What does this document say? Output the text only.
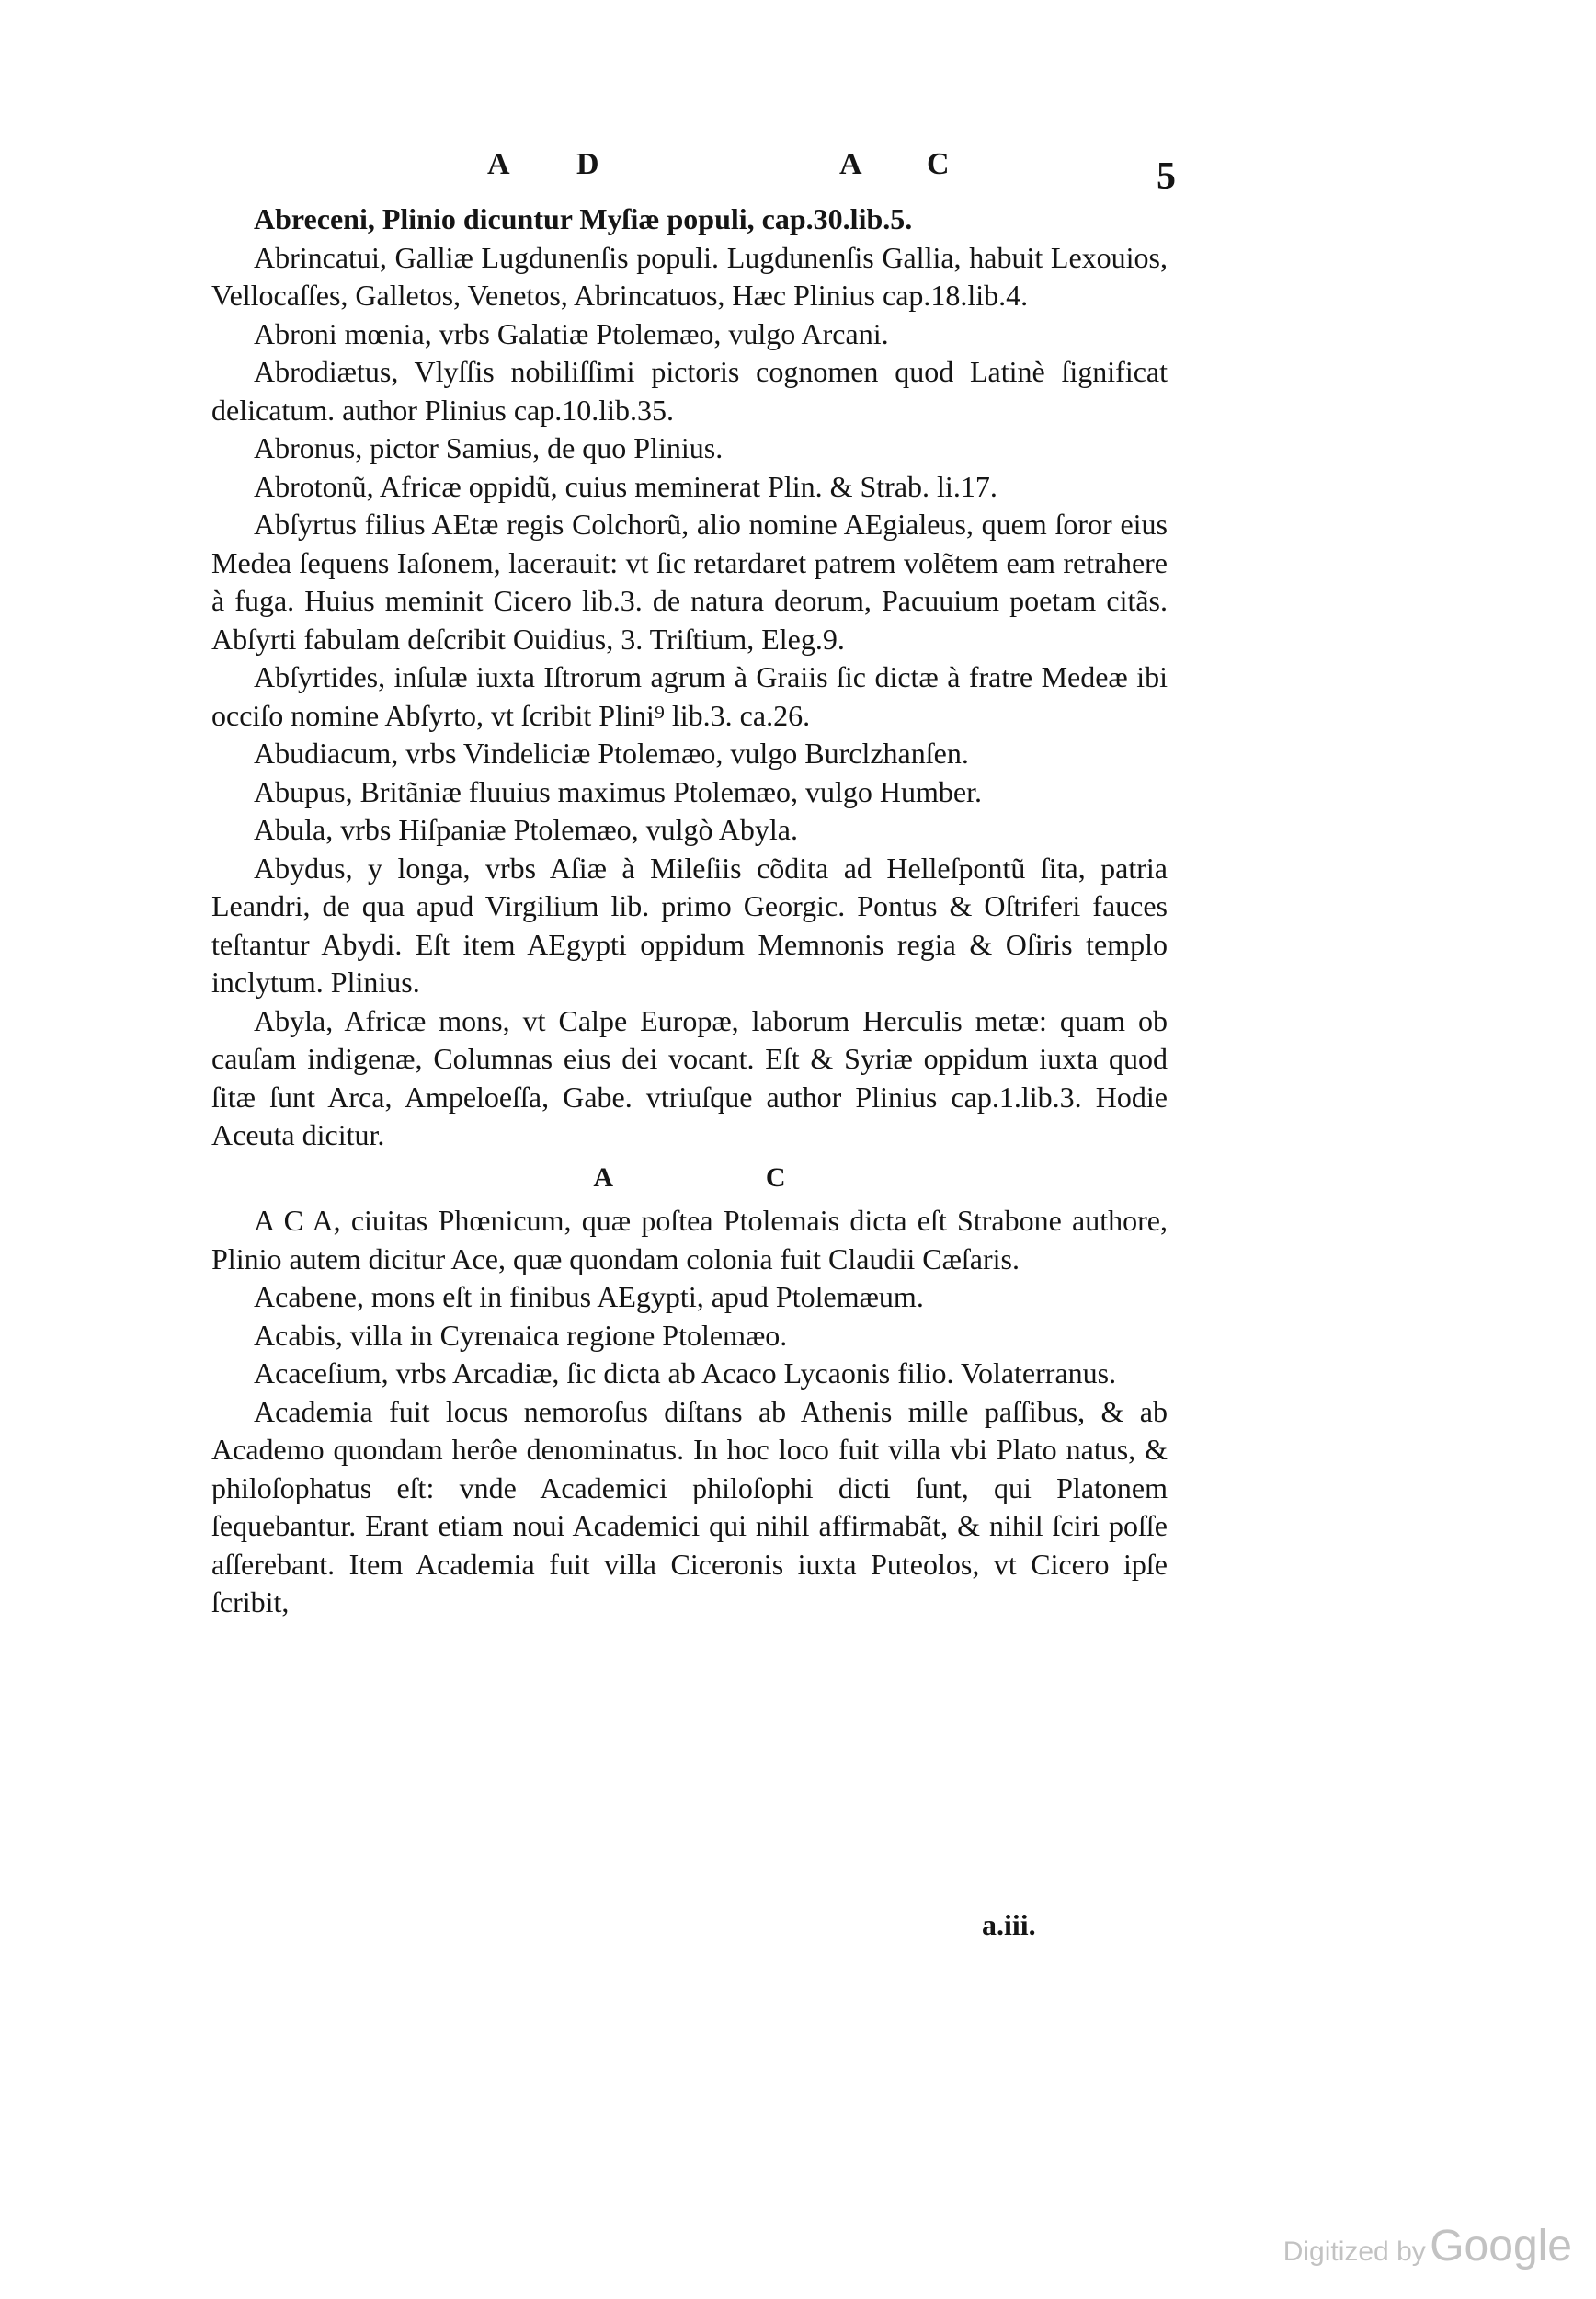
A D	A C	5

Abreceni, Plinio dicuntur Myſiæ populi, cap.30.lib.5.

Abrincatui, Galliæ Lugdunenſis populi. Lugdunenſis Gallia, habuit Lexouios, Vellocaſſes, Galletos, Venetos, Abrincatuos, Hæc Plinius cap.18.lib.4.

Abroni mœnia, vrbs Galatiæ Ptolemæo, vulgo Arcani.

Abrodiætus, Vlyſſis nobiliſſimi pictoris cognomen quod Latinè ſignificat delicatum. author Plinius cap.10.lib.35.

Abronus, pictor Samius, de quo Plinius.

Abrotonũ, Africæ oppidũ, cuius meminerat Plin. & Strab. li.17.

Abſyrtus filius AEtæ regis Colchorũ, alio nomine AEgialeus, quem ſoror eius Medea ſequens Iaſonem, lacerauit: vt ſic retardaret patrem volẽtem eam retrahere à fuga. Huius meminit Cicero lib.3. de natura deorum, Pacuuium poetam citãs. Abſyrti fabulam deſcribit Ouidius, 3. Triſtium, Eleg.9.

Abſyrtides, inſulæ iuxta Iſtrorum agrum à Graiis ſic dictæ à fratre Medeæ ibi occiſo nomine Abſyrto, vt ſcribit Plini⁹ lib.3. ca.26.

Abudiacum, vrbs Vindeliciæ Ptolemæo, vulgo Burclzhanſen.

Abupus, Britãniæ fluuius maximus Ptolemæo, vulgo Humber.

Abula, vrbs Hiſpaniæ Ptolemæo, vulgò Abyla.

Abydus, y longa, vrbs Aſiæ à Mileſiis cõdita ad Helleſpontũ ſita, patria Leandri, de qua apud Virgilium lib. primo Georgic. Pontus & Oſtriferi fauces teſtantur Abydi. Eſt item AEgypti oppidum Memnonis regia & Oſiris templo inclytum. Plinius.

Abyla, Africæ mons, vt Calpe Europæ, laborum Herculis metæ: quam ob cauſam indigenæ, Columnas eius dei vocant. Eſt & Syriæ oppidum iuxta quod ſitæ ſunt Arca, Ampeloeſſa, Gabe. vtriuſque author Plinius cap.1.lib.3. Hodie Aceuta dicitur.

A C

A C A, ciuitas Phœnicum, quæ poſtea Ptolemais dicta eſt Strabone authore, Plinio autem dicitur Ace, quæ quondam colonia fuit Claudii Cæſaris.

Acabene, mons eſt in finibus AEgypti, apud Ptolemæum.

Acabis, villa in Cyrenaica regione Ptolemæo.

Acaceſium, vrbs Arcadiæ, ſic dicta ab Acaco Lycaonis filio. Volaterranus.

Academia fuit locus nemoroſus diſtans ab Athenis mille paſſibus, & ab Academo quondam herôe denominatus. In hoc loco fuit villa vbi Plato natus, & philoſophatus eſt: vnde Academici philoſophi dicti ſunt, qui Platonem ſequebantur. Erant etiam noui Academici qui nihil affirmabãt, & nihil ſciri poſſe aſſerebant. Item Academia fuit villa Ciceronis iuxta Puteolos, vt Cicero ipſe ſcribit,

a.iii.
Digitized by Google
